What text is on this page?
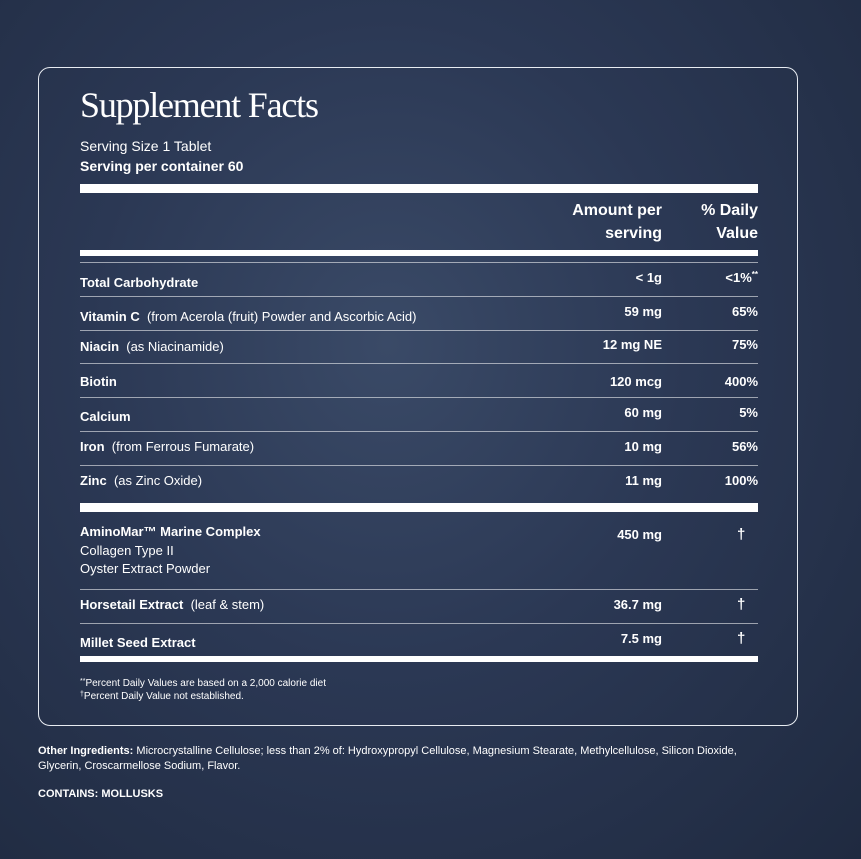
Supplement Facts
Serving Size 1 Tablet
Serving per container 60
Amount per
serving
% Daily
Value
Total Carbohydrate	< 1g	<1%**
Vitamin C (from Acerola (fruit) Powder and Ascorbic Acid)	59 mg	65%
Niacin (as Niacinamide)	12 mg NE	75%
Biotin	120 mcg	400%
Calcium	60 mg	5%
Iron (from Ferrous Fumarate)	10 mg	56%
Zinc (as Zinc Oxide)	11 mg	100%
AminoMar™ Marine Complex
Collagen Type II
Oyster Extract Powder
450 mg	†
Horsetail Extract (leaf & stem)	36.7 mg	†
Millet Seed Extract	7.5 mg	†
**Percent Daily Values are based on a 2,000 calorie diet
†Percent Daily Value not established.
Other Ingredients: Microcrystalline Cellulose; less than 2% of: Hydroxypropyl Cellulose, Magnesium Stearate, Methylcellulose, Silicon Dioxide, Glycerin, Croscarmellose Sodium, Flavor.
CONTAINS: MOLLUSKS
